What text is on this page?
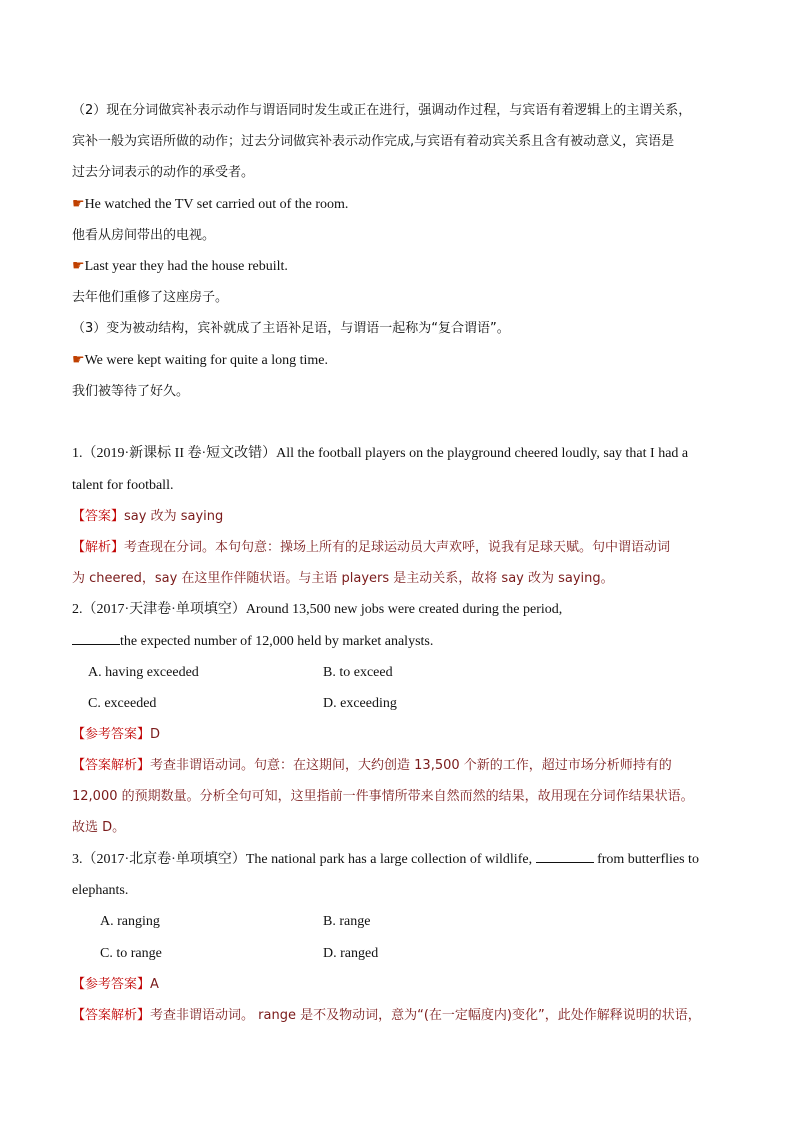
（2）现在分词做宾补表示动作与谓语同时发生或正在进行，强调动作过程，与宾语有着逻辑上的主谓关系，
宾补一般为宾语所做的动作；过去分词做宾补表示动作完成,与宾语有着动宾关系且含有被动意义，宾语是
过去分词表示的动作的承受者。
☛He watched the TV set carried out of the room.
他看从房间带出的电视。
☛Last year they had the house rebuilt.
去年他们重修了这座房子。
（3）变为被动结构，宾补就成了主语补足语，与谓语一起称为“复合谓语”。
☛We were kept waiting for quite a long time.
我们被等待了好久。
1.（2019·新课标 II 卷·短文改错）All the football players on the playground cheered loudly, say that I had a
talent for football.
【答案】say 改为 saying
【解析】考查现在分词。本句句意：操场上所有的足球运动员大声欢呼，说我有足球天赋。句中谓语动词
为 cheered，say 在这里作伴随状语。与主语 players 是主动关系，故将 say 改为 saying。
2.（2017·天津卷·单项填空）Around 13,500 new jobs were created during the period,
the expected number of 12,000 held by market analysts.
A. having exceeded	B. to exceed
C. exceeded	D. exceeding
【参考答案】D
【答案解析】考查非谓语动词。句意：在这期间，大约创造 13,500 个新的工作，超过市场分析师持有的
12,000 的预期数量。分析全句可知，这里指前一件事情所带来自然而然的结果，故用现在分词作结果状语。
故选 D。
3.（2017·北京卷·单项填空）The national park has a large collection of wildlife,	from butterflies to
elephants.
A. ranging	B. range
C. to range	D. ranged
【参考答案】A
【答案解析】考查非谓语动词。 range 是不及物动词，意为“(在一定幅度内)变化”，此处作解释说明的状语，
